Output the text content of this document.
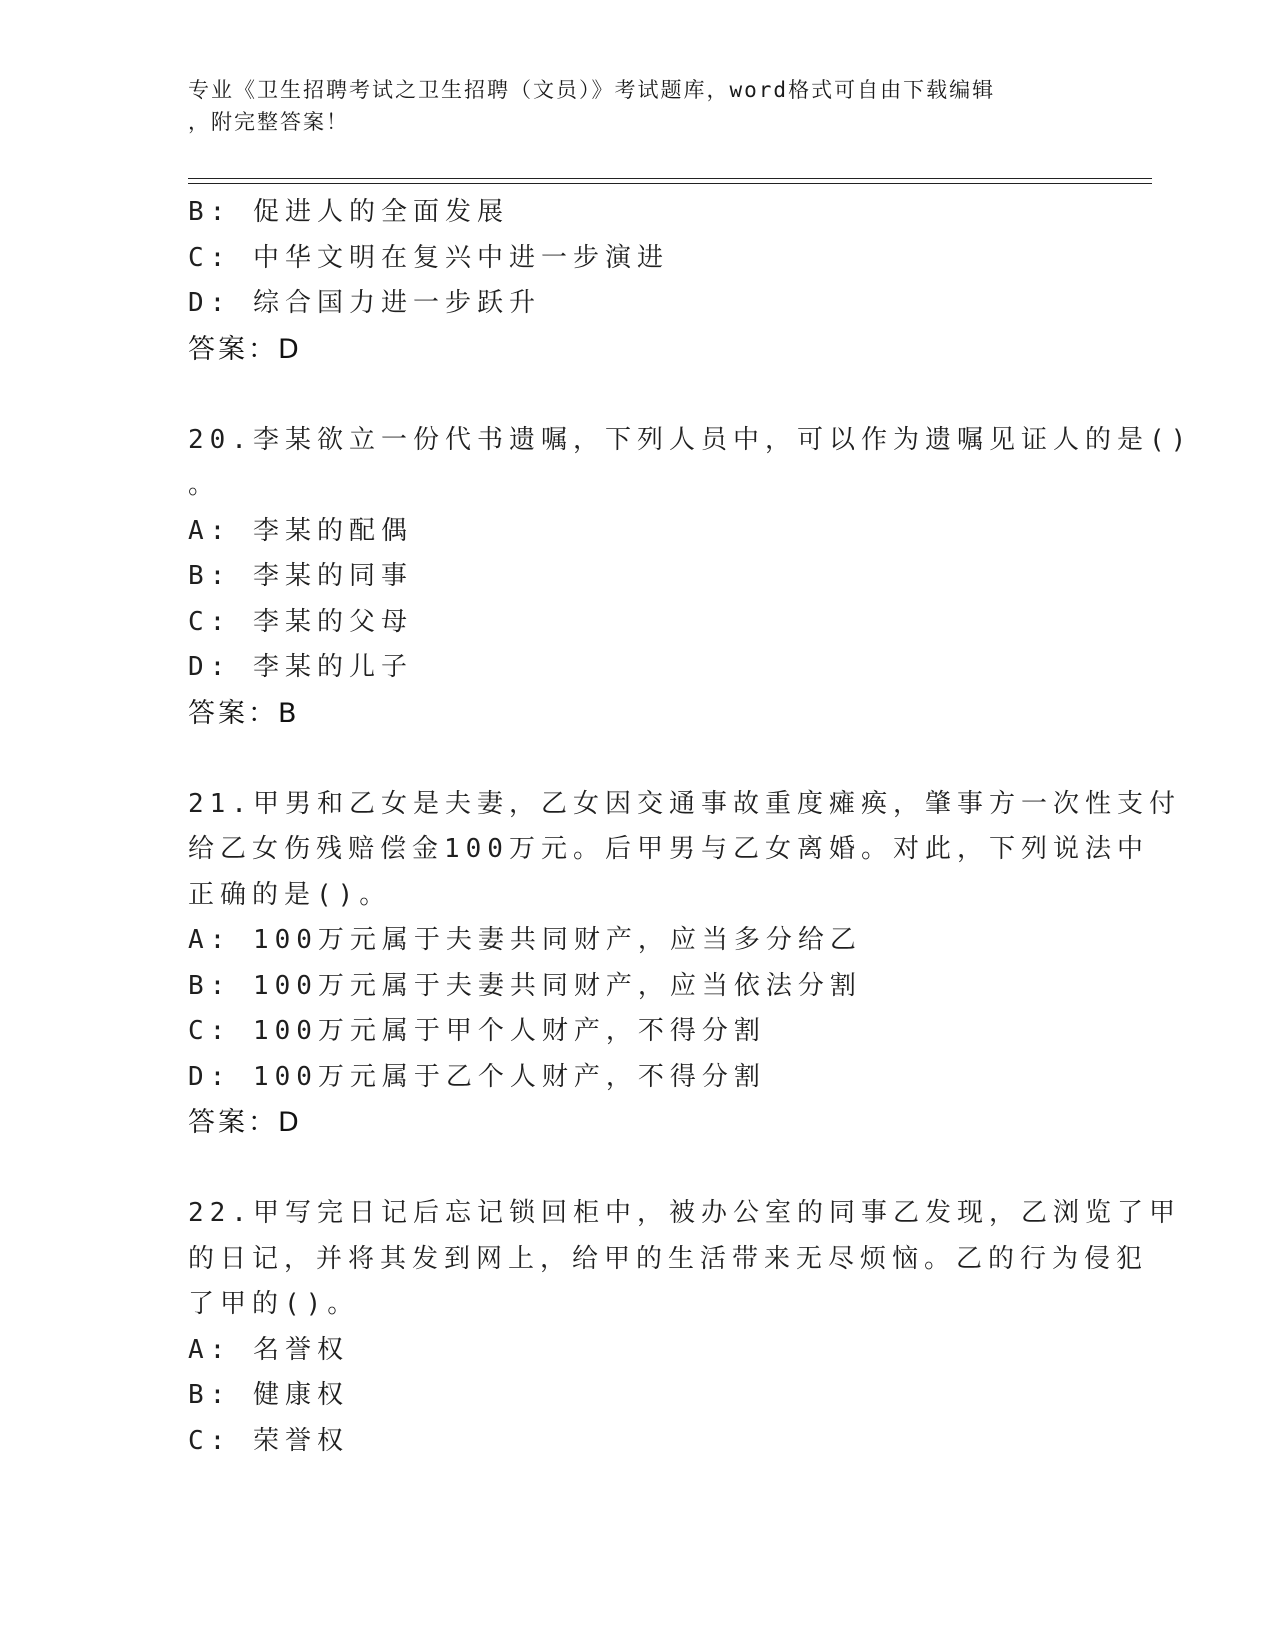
专业《卫生招聘考试之卫生招聘（文员）》考试题库，word格式可自由下载编辑
，附完整答案！
B: 促进人的全面发展
C: 中华文明在复兴中进一步演进
D: 综合国力进一步跃升
答案：D
20.李某欲立一份代书遗嘱，下列人员中，可以作为遗嘱见证人的是()
。
A: 李某的配偶
B: 李某的同事
C: 李某的父母
D: 李某的儿子
答案：B
21.甲男和乙女是夫妻，乙女因交通事故重度瘫痪，肇事方一次性支付
给乙女伤残赔偿金100万元。后甲男与乙女离婚。对此，下列说法中
正确的是()。
A: 100万元属于夫妻共同财产，应当多分给乙
B: 100万元属于夫妻共同财产，应当依法分割
C: 100万元属于甲个人财产，不得分割
D: 100万元属于乙个人财产，不得分割
答案：D
22.甲写完日记后忘记锁回柜中，被办公室的同事乙发现，乙浏览了甲
的日记，并将其发到网上，给甲的生活带来无尽烦恼。乙的行为侵犯
了甲的()。
A: 名誉权
B: 健康权
C: 荣誉权
